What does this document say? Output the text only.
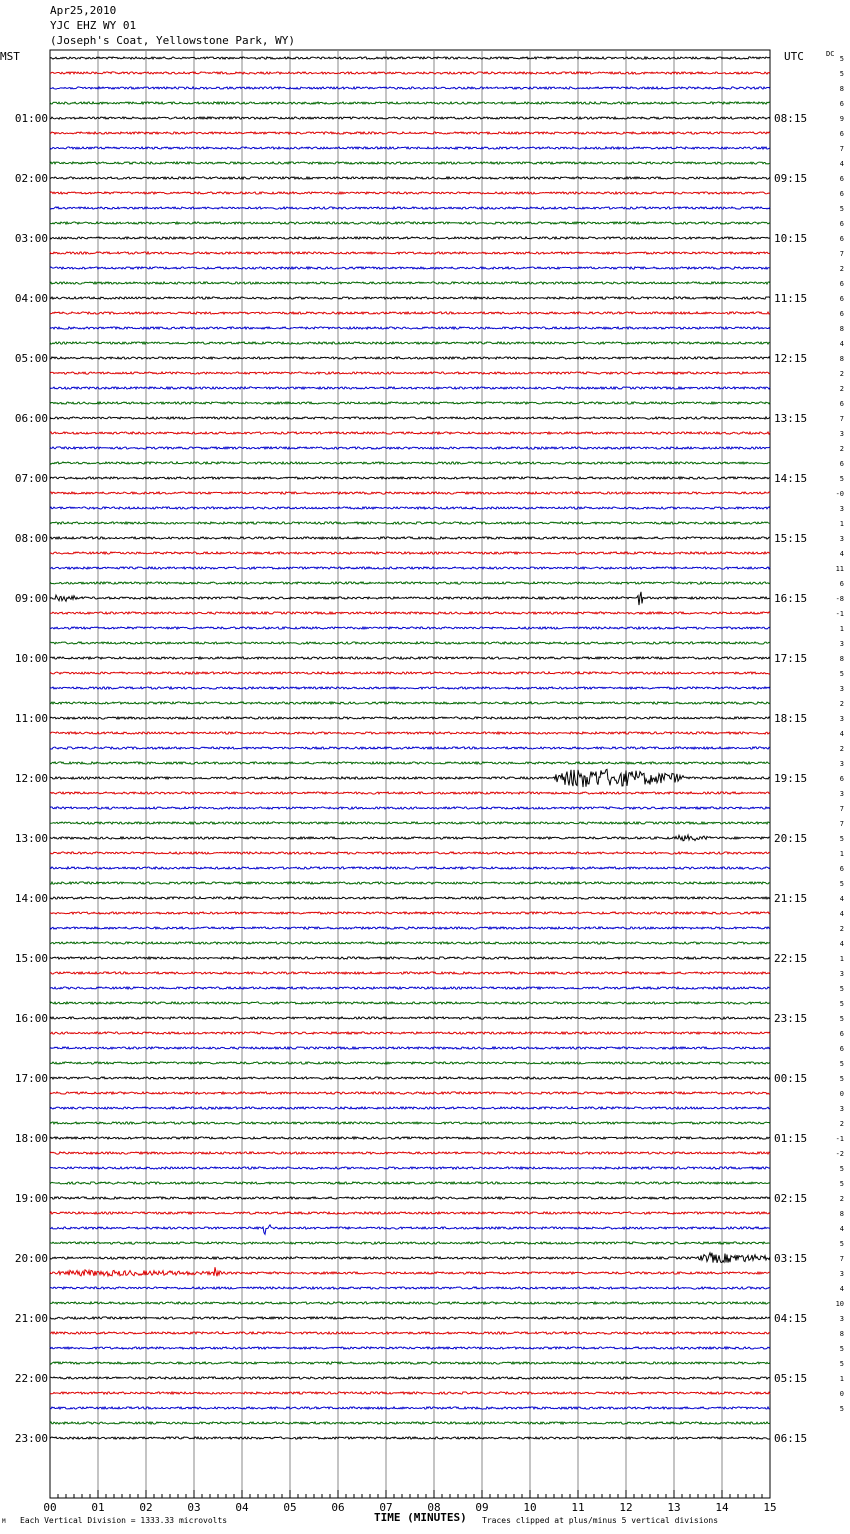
Apr25,2010
YJC EHZ WY 01
(Joseph's Coat, Yellowstone Park, WY)
5
5
8
6
9
6
7
4
6
6
5
6
6
7
2
6
6
6
8
4
8
2
2
6
7
3
2
6
5
-0
3
1
3
4
11
6
-8
-1
1
3
8
5
3
2
3
4
2
3
6
3
7
7
5
1
6
5
4
4
2
4
1
3
5
5
5
6
6
5
5
0
3
2
-1
-2
5
5
2
8
4
5
7
3
4
10
3
8
5
5
1
0
5
MST	UTC	DC
01:00
02:00
03:00
04:00
05:00
06:00
07:00
08:00
09:00
10:00
11:00
12:00
13:00
14:00
15:00
16:00
17:00
18:00
19:00
20:00
21:00
22:00
23:00
08:15
09:15
10:15
11:15
12:15
13:15
14:15
15:15
16:15
17:15
18:15
19:15
20:15
21:15
22:15
23:15
00:15
01:15
02:15
03:15
04:15
05:15
06:15
00	01	02	03	04	05	06	07	08	09	10	11	12	13	14	15
TIME (MINUTES)
Each Vertical Division = 1333.33 microvolts	Traces clipped at plus/minus 5 vertical divisions
M
